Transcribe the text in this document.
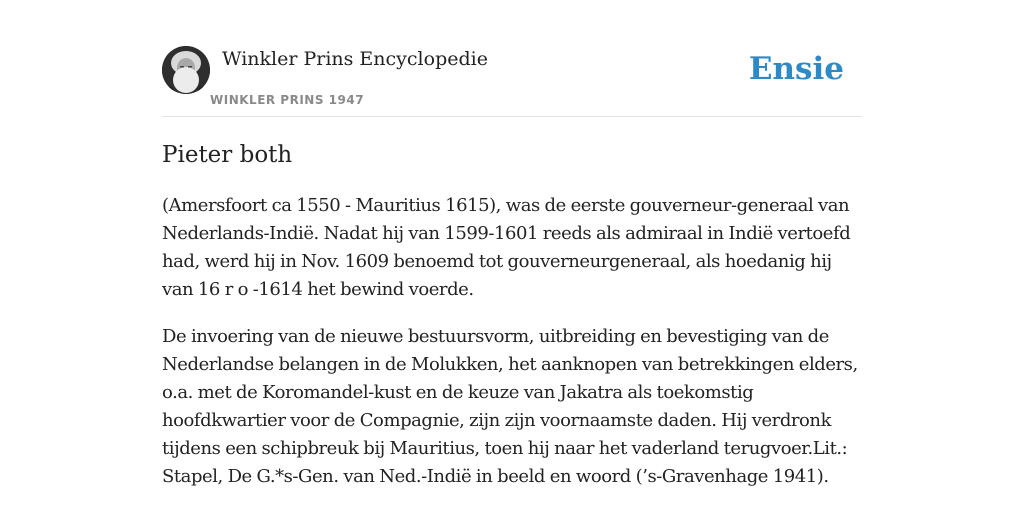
Winkler Prins Encyclopedie
WINKLER PRINS 1947
Ensie
Pieter both

(Amersfoort ca 1550 - Mauritius 1615), was de eerste gouverneur-generaal van Nederlands-Indië. Nadat hij van 1599-1601 reeds als admiraal in Indië vertoefd had, werd hij in Nov. 1609 benoemd tot gouverneurgeneraal, als hoedanig hij van 16 r o -1614 het bewind voerde.

De invoering van de nieuwe bestuursvorm, uitbreiding en bevestiging van de Nederlandse belangen in de Molukken, het aanknopen van betrekkingen elders, o.a. met de Koromandel-kust en de keuze van Jakatra als toekomstig hoofdkwartier voor de Compagnie, zijn zijn voornaamste daden. Hij verdronk tijdens een schipbreuk bij Mauritius, toen hij naar het vaderland terugvoer.Lit.: Stapel, De G.*s-Gen. van Ned.-Indië in beeld en woord (’s-Gravenhage 1941).
